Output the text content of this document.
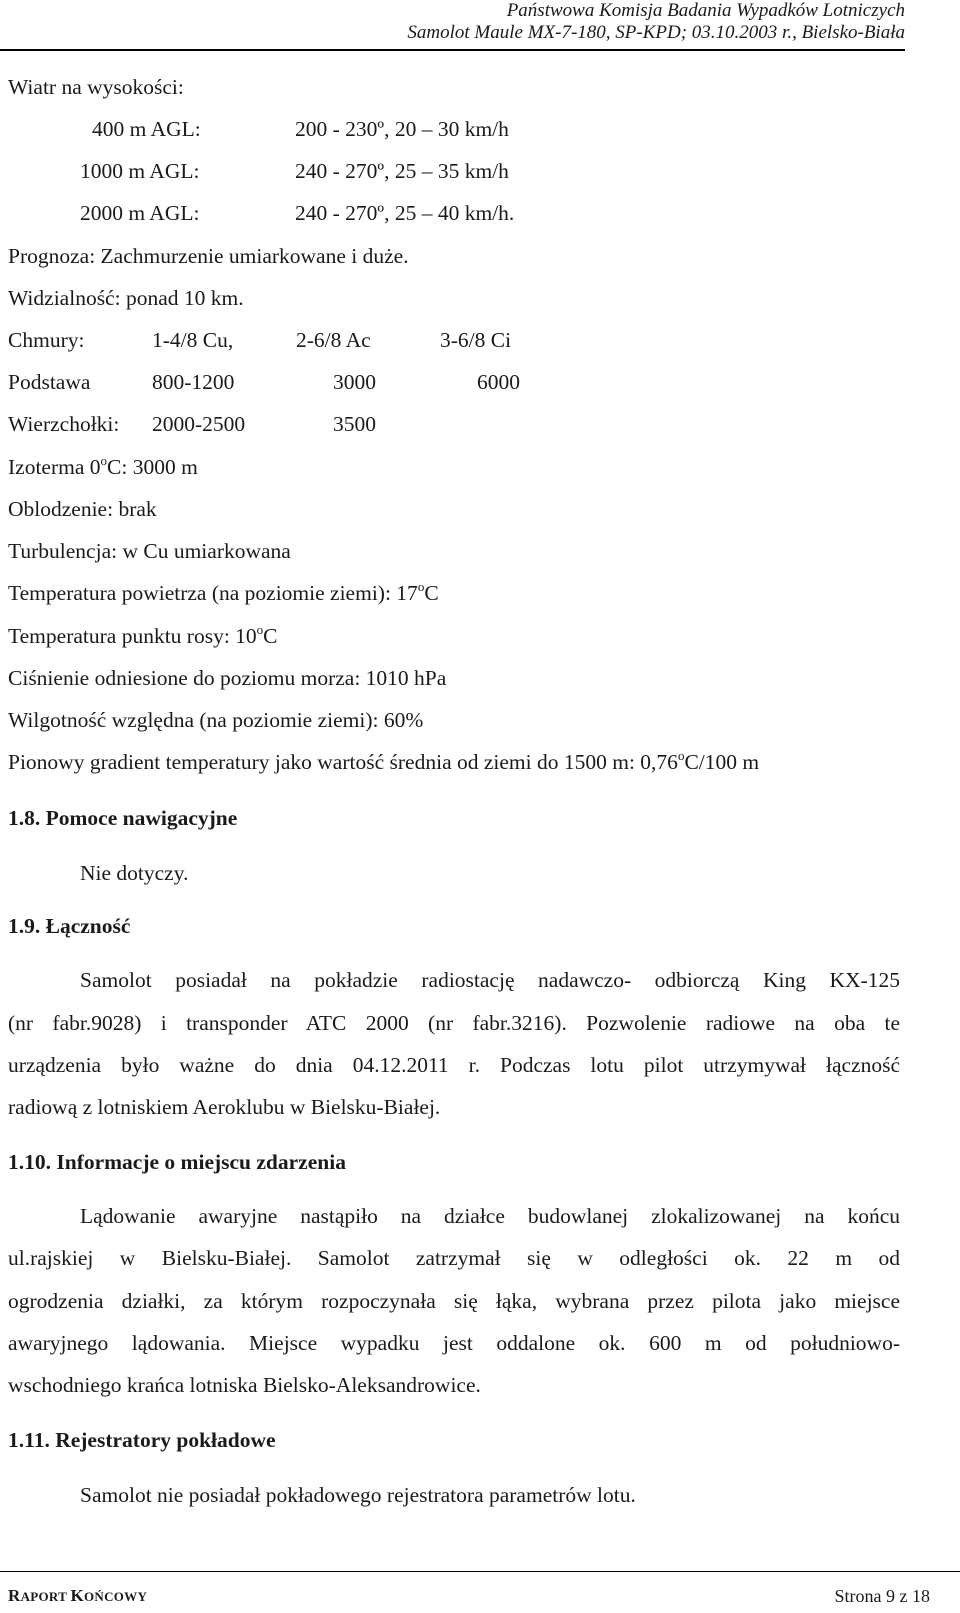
Państwowa Komisja Badania Wypadków Lotniczych
Samolot Maule MX-7-180, SP-KPD; 03.10.2003 r., Bielsko-Biała
Wiatr na wysokości:
400 m AGL:	200 - 230º, 20 – 30 km/h
1000 m AGL:	240 - 270º, 25 – 35 km/h
2000 m AGL:	240 - 270º, 25 – 40 km/h.
Prognoza: Zachmurzenie umiarkowane i duże.
Widzialność: ponad 10 km.
Chmury:	1-4/8 Cu,	2-6/8 Ac	3-6/8 Ci
Podstawa	800-1200	3000	6000
Wierzchołki: 2000-2500	3500
Izoterma 0$^o$C: 3000 m
Oblodzenie: brak
Turbulencja: w Cu umiarkowana
Temperatura powietrza (na poziomie ziemi): 17$^o$C
Temperatura punktu rosy: 10$^o$C
Ciśnienie odniesione do poziomu morza: 1010 hPa
Wilgotność względna (na poziomie ziemi): 60%
Pionowy gradient temperatury jako wartość średnia od ziemi do 1500 m: 0,76$^o$C/100 m
1.8. Pomoce nawigacyjne
Nie dotyczy.
1.9. Łączność
Samolot posiadał na pokładzie radiostację nadawczo- odbiorczą King KX-125
(nr fabr.9028) i transponder ATC 2000 (nr fabr.3216). Pozwolenie radiowe na oba te
urządzenia było ważne do dnia 04.12.2011 r. Podczas lotu pilot utrzymywał łączność
radiową z lotniskiem Aeroklubu w Bielsku-Białej.
1.10. Informacje o miejscu zdarzenia
Lądowanie awaryjne nastąpiło na działce budowlanej zlokalizowanej na końcu
ul.rajskiej w Bielsku-Białej. Samolot zatrzymał się w odległości ok. 22 m od
ogrodzenia działki, za którym rozpoczynała się łąka, wybrana przez pilota jako miejsce
awaryjnego lądowania. Miejsce wypadku jest oddalone ok. 600 m od południowo-
wschodniego krańca lotniska Bielsko-Aleksandrowice.
1.11. Rejestratory pokładowe
Samolot nie posiadał pokładowego rejestratora parametrów lotu.
RAPORT KOŃCOWY	Strona 9 z 18
